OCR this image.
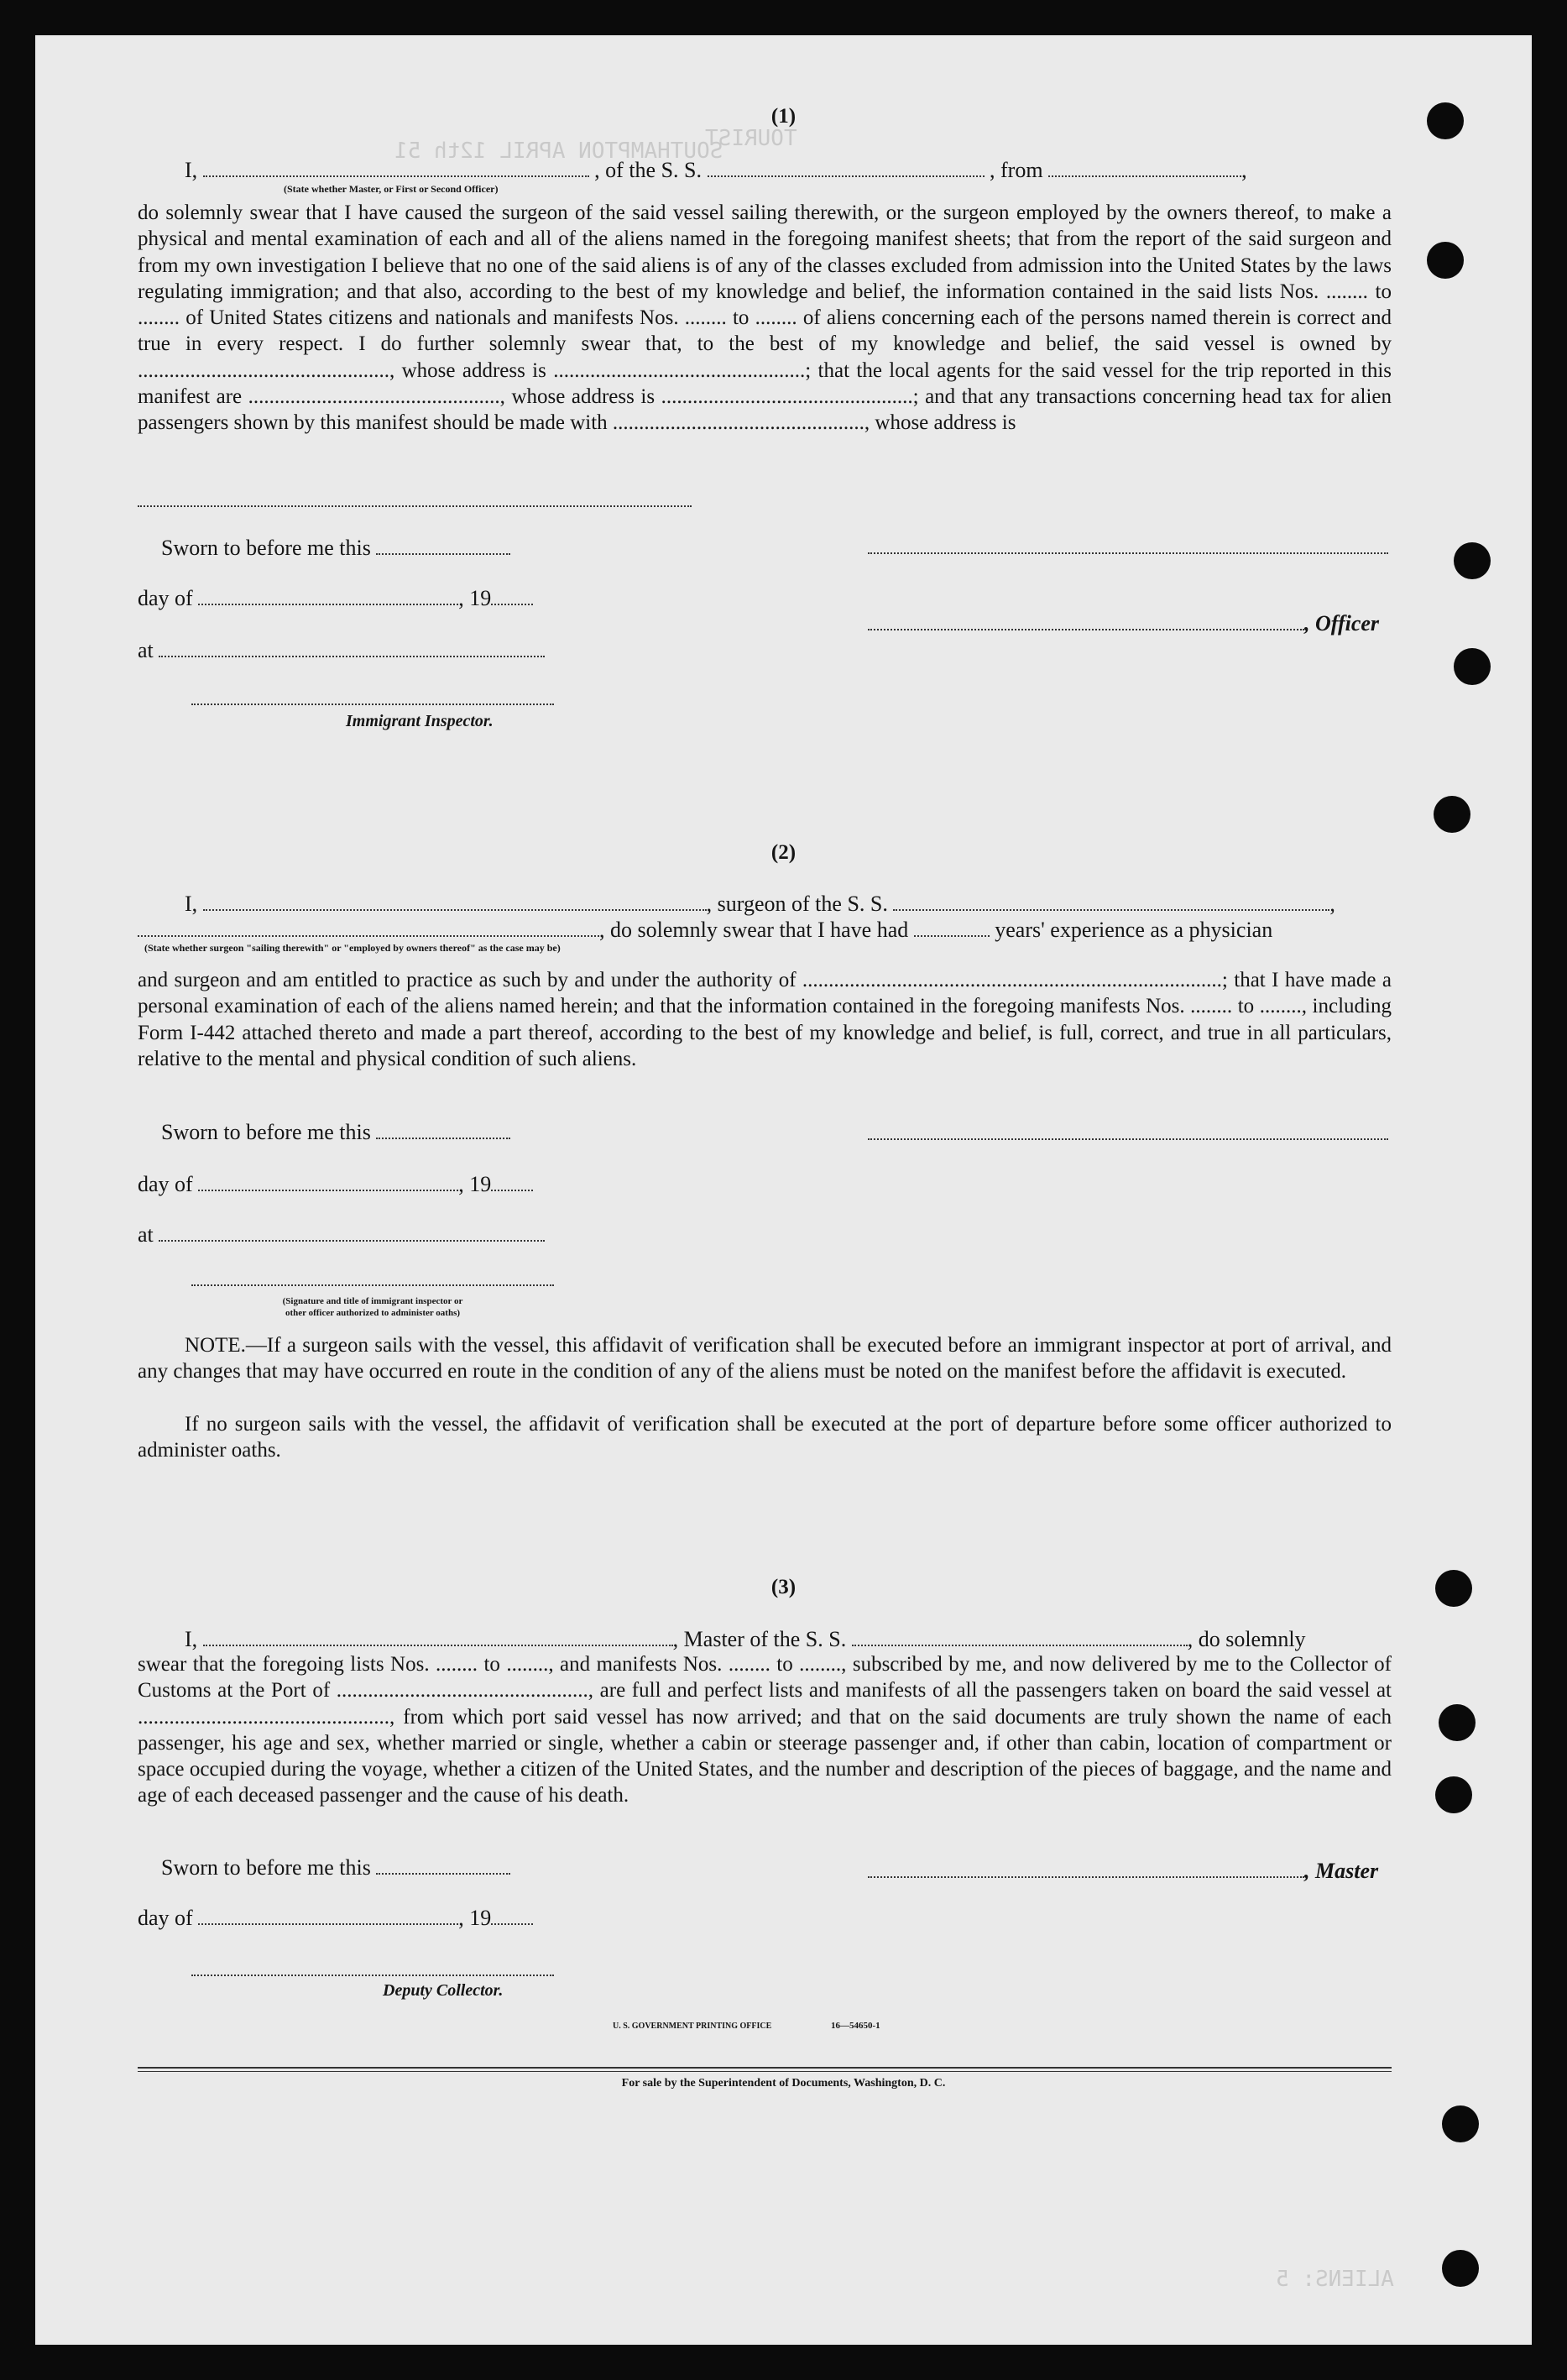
SOUTHAMPTON APRIL 12th 51
TOURIST
ALIENS: 5
(1)
I,	, of the S. S.	, from	,
(State whether Master, or First or Second Officer)

do solemnly swear that I have caused the surgeon of the said vessel sailing therewith, or the surgeon employed by the owners thereof, to make a physical and mental examination of each and all of the aliens named in the foregoing manifest sheets; that from the report of the said surgeon and from my own investigation I believe that no one of the said aliens is of any of the classes excluded from admission into the United States by the laws regulating immigration; and that also, according to the best of my knowledge and belief, the information contained in the said lists Nos. ........ to ........ of United States citizens and nationals and manifests Nos. ........ to ........ of aliens concerning each of the persons named therein is correct and true in every respect. I do further solemnly swear that, to the best of my knowledge and belief, the said vessel is owned by ................................................, whose address is ................................................; that the local agents for the said vessel for the trip reported in this manifest are ................................................, whose address is ................................................; and that any transactions concerning head tax for alien passengers shown by this manifest should be made with ................................................, whose address is

Sworn to before me this
day of	, 19
, Officer
at
Immigrant Inspector.
(2)
I,	, surgeon of the S. S.	,
, do solemnly swear that I have had	years' experience as a physician
(State whether surgeon "sailing therewith" or "employed by owners thereof" as the case may be)

and surgeon and am entitled to practice as such by and under the authority of ................................................................................; that I have made a personal examination of each of the aliens named herein; and that the information contained in the foregoing manifests Nos. ........ to ........, including Form I-442 attached thereto and made a part thereof, according to the best of my knowledge and belief, is full, correct, and true in all particulars, relative to the mental and physical condition of such aliens.

Sworn to before me this
day of	, 19
at
(Signature and title of immigrant inspector or
other officer authorized to administer oaths)

NOTE.—If a surgeon sails with the vessel, this affidavit of verification shall be executed before an immigrant inspector at port of arrival, and any changes that may have occurred en route in the condition of any of the aliens must be noted on the manifest before the affidavit is executed.

If no surgeon sails with the vessel, the affidavit of verification shall be executed at the port of departure before some officer authorized to administer oaths.

(3)
I,	, Master of the S. S.	, do solemnly

swear that the foregoing lists Nos. ........ to ........, and manifests Nos. ........ to ........, subscribed by me, and now delivered by me to the Collector of Customs at the Port of ................................................, are full and perfect lists and manifests of all the passengers taken on board the said vessel at ................................................, from which port said vessel has now arrived; and that on the said documents are truly shown the name of each passenger, his age and sex, whether married or single, whether a cabin or steerage passenger and, if other than cabin, location of compartment or space occupied during the voyage, whether a citizen of the United States, and the number and description of the pieces of baggage, and the name and age of each deceased passenger and the cause of his death.

Sworn to before me this	, Master
day of	, 19
Deputy Collector.
U. S. GOVERNMENT PRINTING OFFICE	16—54650-1
For sale by the Superintendent of Documents, Washington, D. C.
